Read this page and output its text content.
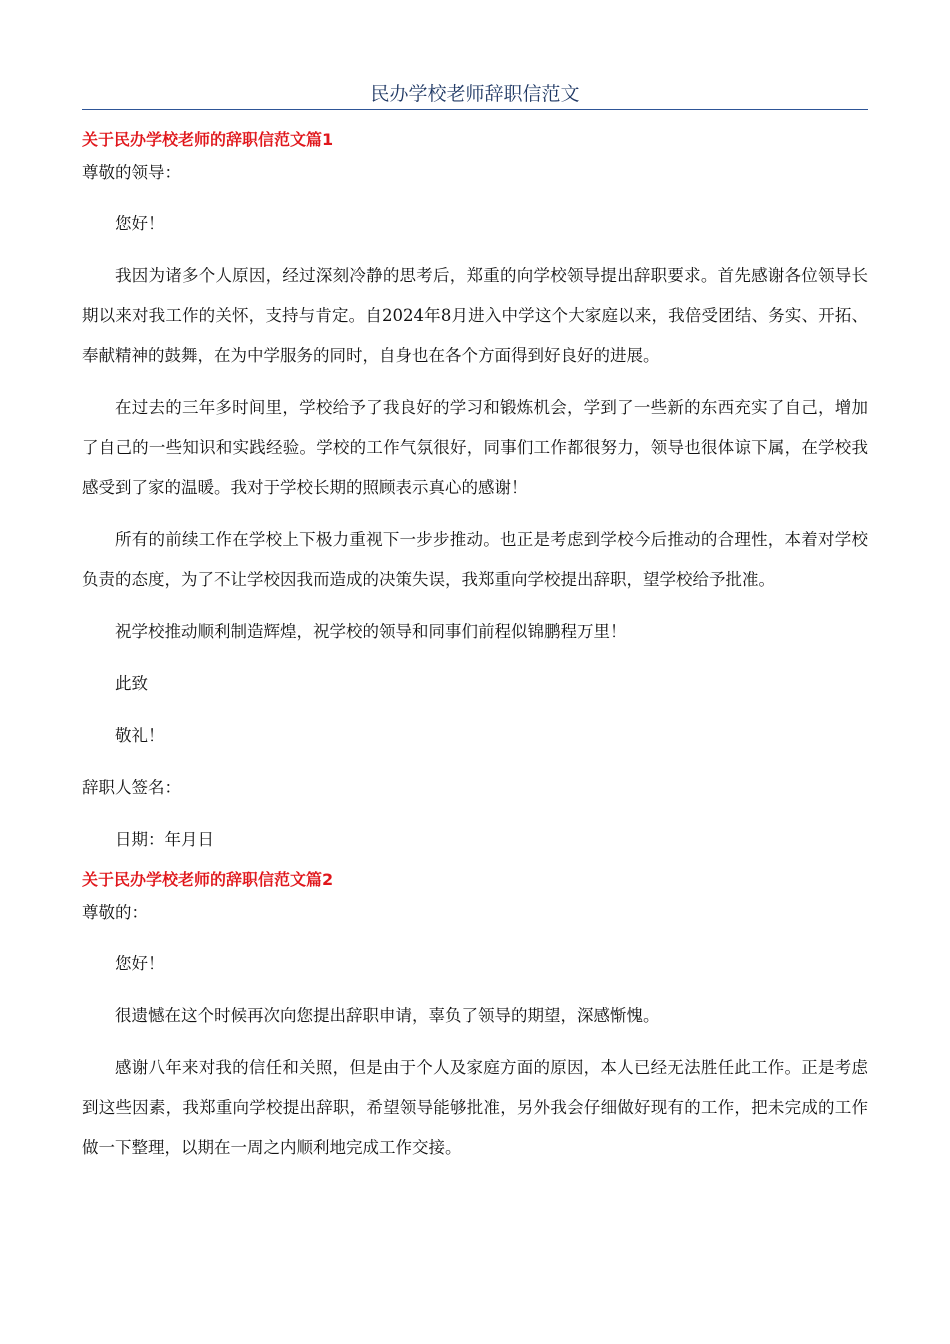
民办学校老师辞职信范文
关于民办学校老师的辞职信范文篇1

尊敬的领导：

您好！

我因为诸多个人原因，经过深刻冷静的思考后，郑重的向学校领导提出辞职要求。首先感谢各位领导长期以来对我工作的关怀，支持与肯定。自2024年8月进入中学这个大家庭以来，我倍受团结、务实、开拓、奉献精神的鼓舞，在为中学服务的同时，自身也在各个方面得到好良好的进展。

在过去的三年多时间里，学校给予了我良好的学习和锻炼机会，学到了一些新的东西充实了自己，增加了自己的一些知识和实践经验。学校的工作气氛很好，同事们工作都很努力，领导也很体谅下属，在学校我感受到了家的温暖。我对于学校长期的照顾表示真心的感谢！

所有的前续工作在学校上下极力重视下一步步推动。也正是考虑到学校今后推动的合理性，本着对学校负责的态度，为了不让学校因我而造成的决策失误，我郑重向学校提出辞职，望学校给予批准。

祝学校推动顺利制造辉煌，祝学校的领导和同事们前程似锦鹏程万里！

此致

敬礼！

辞职人签名：

日期：年月日

关于民办学校老师的辞职信范文篇2

尊敬的：

您好！

很遗憾在这个时候再次向您提出辞职申请，辜负了领导的期望，深感惭愧。

感谢八年来对我的信任和关照，但是由于个人及家庭方面的原因，本人已经无法胜任此工作。正是考虑到这些因素，我郑重向学校提出辞职，希望领导能够批准，另外我会仔细做好现有的工作，把未完成的工作做一下整理，以期在一周之内顺利地完成工作交接。
